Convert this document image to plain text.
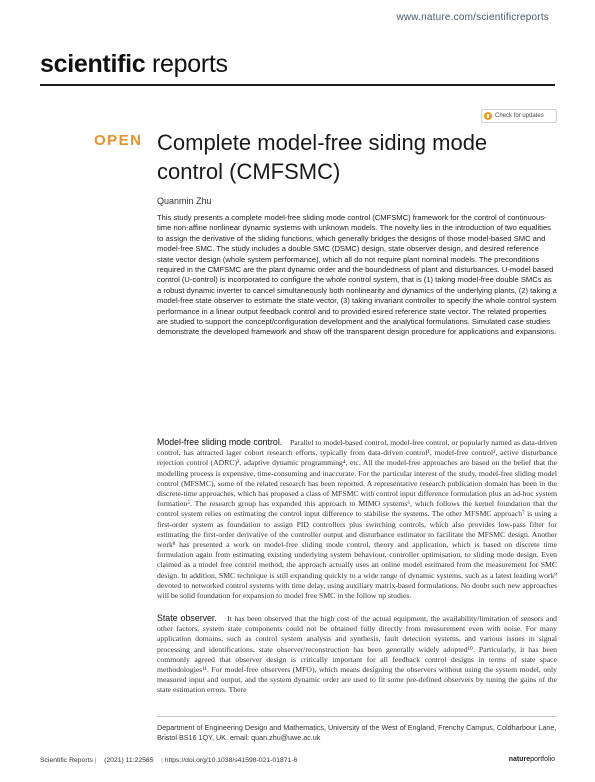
www.nature.com/scientificreports
scientific reports
Check for updates
OPEN Complete model-free siding mode control (CMFSMC)
Quanmin Zhu

This study presents a complete model-free sliding mode control (CMFSMC) framework for the control of continuous-time non-affine nonlinear dynamic systems with unknown models. The novelty lies in the introduction of two equalities to assign the derivative of the sliding functions, which generally bridges the designs of those model-based SMC and model-free SMC. The study includes a double SMC (DSMC) design, state observer design, and desired reference state vector design (whole system performance), which all do not require plant nominal models. The preconditions required in the CMFSMC are the plant dynamic order and the boundedness of plant and disturbances. U-model based control (U-control) is incorporated to configure the whole control system, that is (1) taking model-free double SMCs as a robust dynamic inverter to cancel simultaneously both nonlinearity and dynamics of the underlying plants, (2) taking a model-free state observer to estimate the state vector, (3) taking invariant controller to specify the whole control system performance in a linear output feedback control and to provided esired reference state vector. The related properties are studied to support the concept/configuration development and the analytical formulations. Simulated case studies demonstrate the developed framework and show off the transparent design procedure for applications and expansions.

Model-free sliding mode control. Parallel to model-based control, model-free control, or popularly named as data-driven control, has attracted lager cohort research efforts, typically from data-driven control¹, model-free control², active disturbance rejection control (ADRC)³, adaptive dynamic programming⁴, etc. All the model-free approaches are based on the belief that the modelling process is expensive, time-consuming and inaccurate. For the particular interest of the study, model-free sliding model control (MFSMC), some of the related research has been reported. A representative research publication domain has been in the discrete-time approaches, which has proposed a class of MFSMC with control input difference formulation plus an ad-hoc system formation⁵. The research group has expanded this approach to MIMO systems⁶, which follows the kernel foundation that the control system relies on estimating the control input difference to stabilise the systems. The other MFSMC approach⁷ is using a first-order system as foundation to assign PID controllers plus switching controls, which also provides low-pass filter for estimating the first-order derivative of the controller output and disturbance estimator to facilitate the MFSMC design. Another work⁸ has presented a work on model-free sliding mode control, theory and application, which is based on discrete time formulation again from estimating existing underlying system behaviour, controller optimisation, to sliding mode design. Even claimed as a model free control method, the approach actually uses an online model estimated from the measurement for SMC design. In addition, SMC technique is still expanding quickly to a wide range of dynamic systems, such as a latest leading work⁹ devoted to networked control systems with time delay, using auxiliary matrix-based formulations. No doubt such new approaches will be solid foundation for expansion to model free SMC in the follow up studies.

State observer. It has been observed that the high cost of the actual equipment, the availability/limitation of sensors and other factors, system state components could not be obtained fully directly from measurement even with noise. For many application domains, such as control system analysis and synthesis, fault detection systems, and various issues in signal processing and identifications, state observer/reconstruction has been generally widely adopted¹⁰. Particularly, it has been commonly agreed that observer design is critically important for all feedback control designs in terms of state space methodologies¹¹. For model-free observers (MFO), which means designing the observers without using the system model, only measured input and output, and the system dynamic order are used to fit some pre-defined observers by tuning the gains of the state estimation errors. There

Department of Engineering Design and Mathematics, University of the West of England, Frenchy Campus, Coldharbour Lane, Bristol BS16 1QY, UK. email: quan.zhu@uwe.ac.uk

Scientific Reports | (2021) 11:22565 | https://doi.org/10.1038/s41598-021-01871-6	natureportfolio
